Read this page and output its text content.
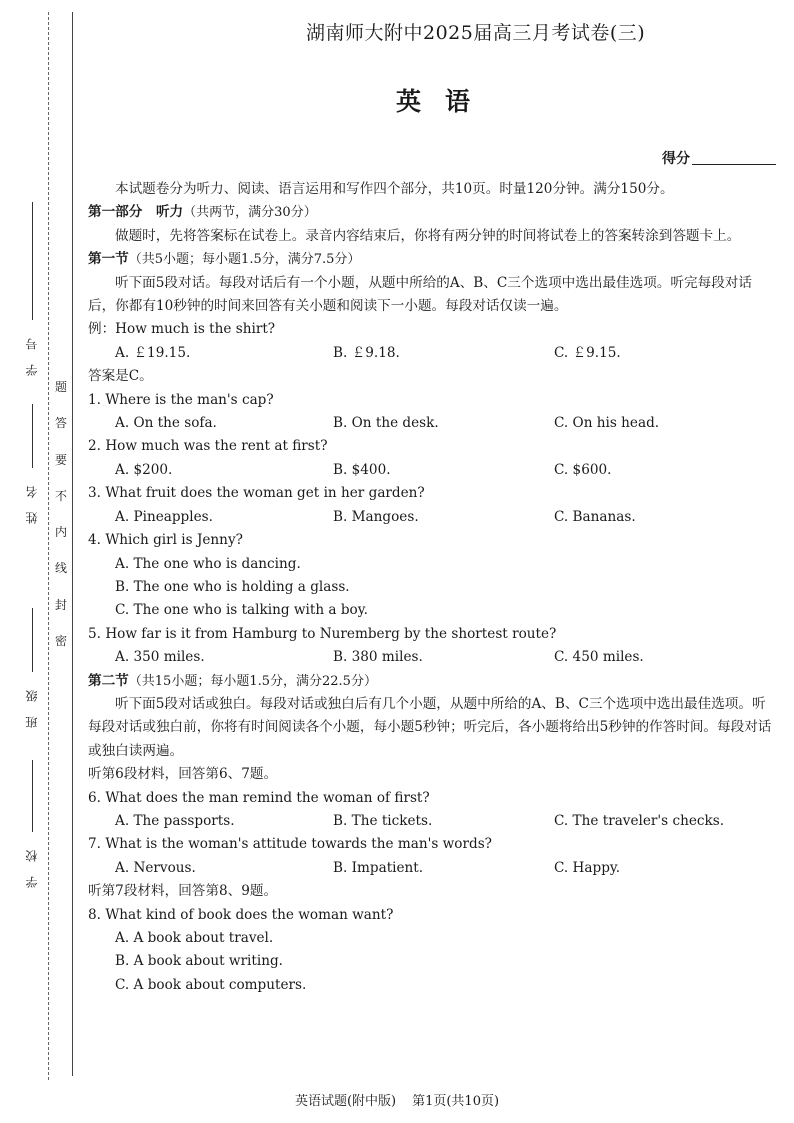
学号
姓名
班级
学校
题
答
要
不
内
线
封
密
湖南师大附中2025届高三月考试卷(三)
英语
得分

本试题卷分为听力、阅读、语言运用和写作四个部分，共10页。时量120分钟。满分150分。

第一部分　听力（共两节，满分30分）

做题时，先将答案标在试卷上。录音内容结束后，你将有两分钟的时间将试卷上的答案转涂到答题卡上。

第一节（共5小题；每小题1.5分，满分7.5分）

听下面5段对话。每段对话后有一个小题，从题中所给的A、B、C三个选项中选出最佳选项。听完每段对话后，你都有10秒钟的时间来回答有关小题和阅读下一小题。每段对话仅读一遍。

例：How much is the shirt?

A. ￡19.15.	B. ￡9.18.	C. ￡9.15.

答案是C。

1. Where is the man's cap?

A. On the sofa.	B. On the desk.	C. On his head.

2. How much was the rent at first?

A. $200.	B. $400.	C. $600.

3. What fruit does the woman get in her garden?

A. Pineapples.	B. Mangoes.	C. Bananas.

4. Which girl is Jenny?

A. The one who is dancing.

B. The one who is holding a glass.

C. The one who is talking with a boy.

5. How far is it from Hamburg to Nuremberg by the shortest route?

A. 350 miles.	B. 380 miles.	C. 450 miles.

第二节（共15小题；每小题1.5分，满分22.5分）

听下面5段对话或独白。每段对话或独白后有几个小题，从题中所给的A、B、C三个选项中选出最佳选项。听每段对话或独白前，你将有时间阅读各个小题，每小题5秒钟；听完后，各小题将给出5秒钟的作答时间。每段对话或独白读两遍。

听第6段材料，回答第6、7题。

6. What does the man remind the woman of first?

A. The passports.	B. The tickets.	C. The traveler's checks.

7. What is the woman's attitude towards the man's words?

A. Nervous.	B. Impatient.	C. Happy.

听第7段材料，回答第8、9题。

8. What kind of book does the woman want?

A. A book about travel.

B. A book about writing.

C. A book about computers.

英语试题(附中版) 第1页(共10页)
